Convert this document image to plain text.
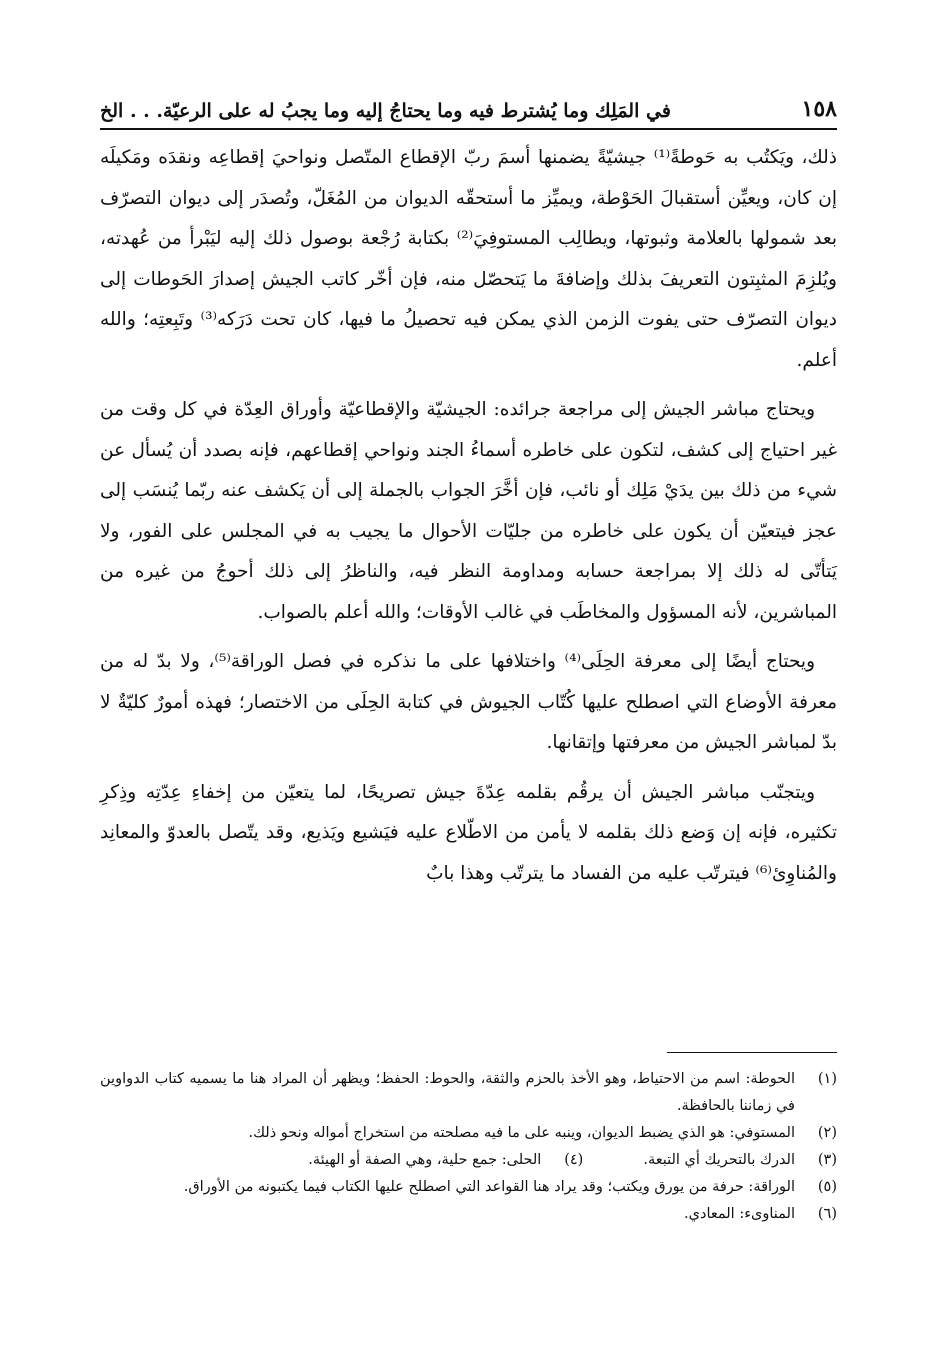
١٥٨
في المَلِك وما يُشترط فيه وما يحتاجُ إليه وما يجبُ له على الرعيّة. . . الخ

ذلك، ويَكتُب به حَوطةً⁽¹⁾ جيشيّةً يضمنها أسمَ ربّ الإقطاع المتّصل ونواحيَ إقطاعِه ونقدَه ومَكيلَه إن كان، ويعيِّن أستقبالَ الحَوْطة، ويميِّز ما أستحقّه الديوان من المُغَلّ، وتُصدَر إلى ديوان التصرّف بعد شمولها بالعلامة وثبوتها، ويطالِب المستوفِيَ⁽²⁾ بكتابة رُجْعة بوصول ذلك إليه ليَبْرأ من عُهدته، ويُلزِمَ المثبِتون التعريفَ بذلك وإضافةَ ما يَتحصّل منه، فإن أخّر كاتب الجيش إصدارَ الحَوطات إلى ديوان التصرّف حتى يفوت الزمن الذي يمكن فيه تحصيلُ ما فيها، كان تحت دَرَكه⁽³⁾ وتَبِعتِه؛ والله أعلم.

ويحتاج مباشر الجيش إلى مراجعة جرائده: الجيشيّة والإقطاعيّة وأوراق العِدّة في كل وقت من غير احتياج إلى كشف، لتكون على خاطره أسماءُ الجند ونواحي إقطاعهم، فإنه بصدد أن يُسأل عن شيء من ذلك بين يدَيْ مَلِك أو نائب، فإن أخَّرَ الجواب بالجملة إلى أن يَكشف عنه ربّما يُنسَب إلى عجز فيتعيّن أن يكون على خاطره من جليّات الأحوال ما يجيب به في المجلس على الفور، ولا يَتأتّى له ذلك إلا بمراجعة حسابه ومداومة النظر فيه، والناظرُ إلى ذلك أحوجُ من غيره من المباشرين، لأنه المسؤول والمخاطَب في غالب الأوقات؛ والله أعلم بالصواب.

ويحتاج أيضًا إلى معرفة الحِلَى⁽⁴⁾ واختلافها على ما نذكره في فصل الوراقة⁽⁵⁾، ولا بدّ له من معرفة الأوضاع التي اصطلح عليها كُتّاب الجيوش في كتابة الحِلَى من الاختصار؛ فهذه أمورٌ كليّةٌ لا بدّ لمباشر الجيش من معرفتها وإتقانها.

ويتجنّب مباشر الجيش أن يرقُم بقلمه عِدّةَ جيش تصريحًا، لما يتعيّن من إخفاءِ عِدّتِه وذِكرِ تكثيره، فإنه إن وَضع ذلك بقلمه لا يأمن من الاطّلاع عليه فيَشيع ويَذيع، وقد يتّصل بالعدوّ والمعانِد والمُناوِئ⁽⁶⁾ فيترتّب عليه من الفساد ما يترتّب وهذا بابٌ

(١)
الحوطة: اسم من الاحتياط، وهو الأخذ بالحزم والثقة، والحوط: الحفظ؛ ويظهر أن المراد هنا ما يسميه كتاب الدواوين في زماننا بالحافظة.
(٢)
المستوفي: هو الذي يضبط الديوان، وينبه على ما فيه مصلحته من استخراج أمواله ونحو ذلك.
(٣)
الدرك بالتحريك أي التبعة.
(٤)
الحلى: جمع حلية، وهي الصفة أو الهيئة.
(٥)
الوراقة: حرفة من يورق ويكتب؛ وقد يراد هنا القواعد التي اصطلح عليها الكتاب فيما يكتبونه من الأوراق.
(٦)
المناوىء: المعادي.
